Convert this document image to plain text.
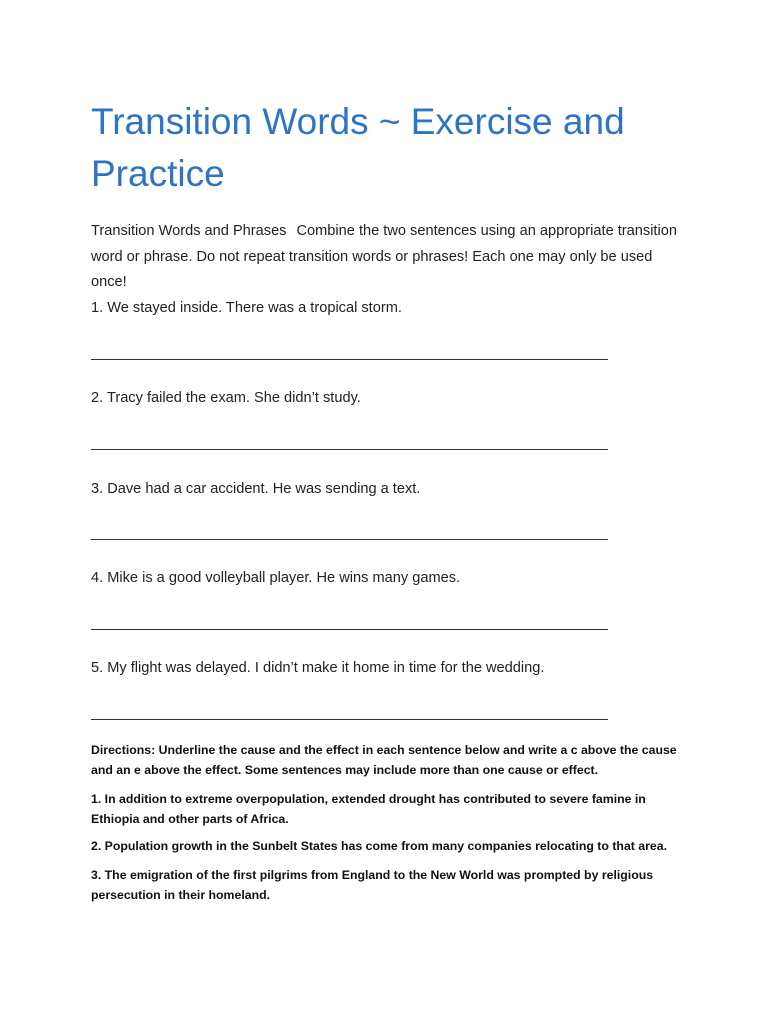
Transition Words ~ Exercise and Practice
Transition Words and Phrases Combine the two sentences using an appropriate transition word or phrase. Do not repeat transition words or phrases! Each one may only be used once!
1. We stayed inside. There was a tropical storm.
2. Tracy failed the exam. She didn’t study.
3. Dave had a car accident. He was sending a text.
4. Mike is a good volleyball player. He wins many games.
5. My flight was delayed. I didn’t make it home in time for the wedding.
Directions: Underline the cause and the effect in each sentence below and write a c above the cause and an e above the effect. Some sentences may include more than one cause or effect.
1. In addition to extreme overpopulation, extended drought has contributed to severe famine in Ethiopia and other parts of Africa.
2. Population growth in the Sunbelt States has come from many companies relocating to that area.
3. The emigration of the first pilgrims from England to the New World was prompted by religious persecution in their homeland.
